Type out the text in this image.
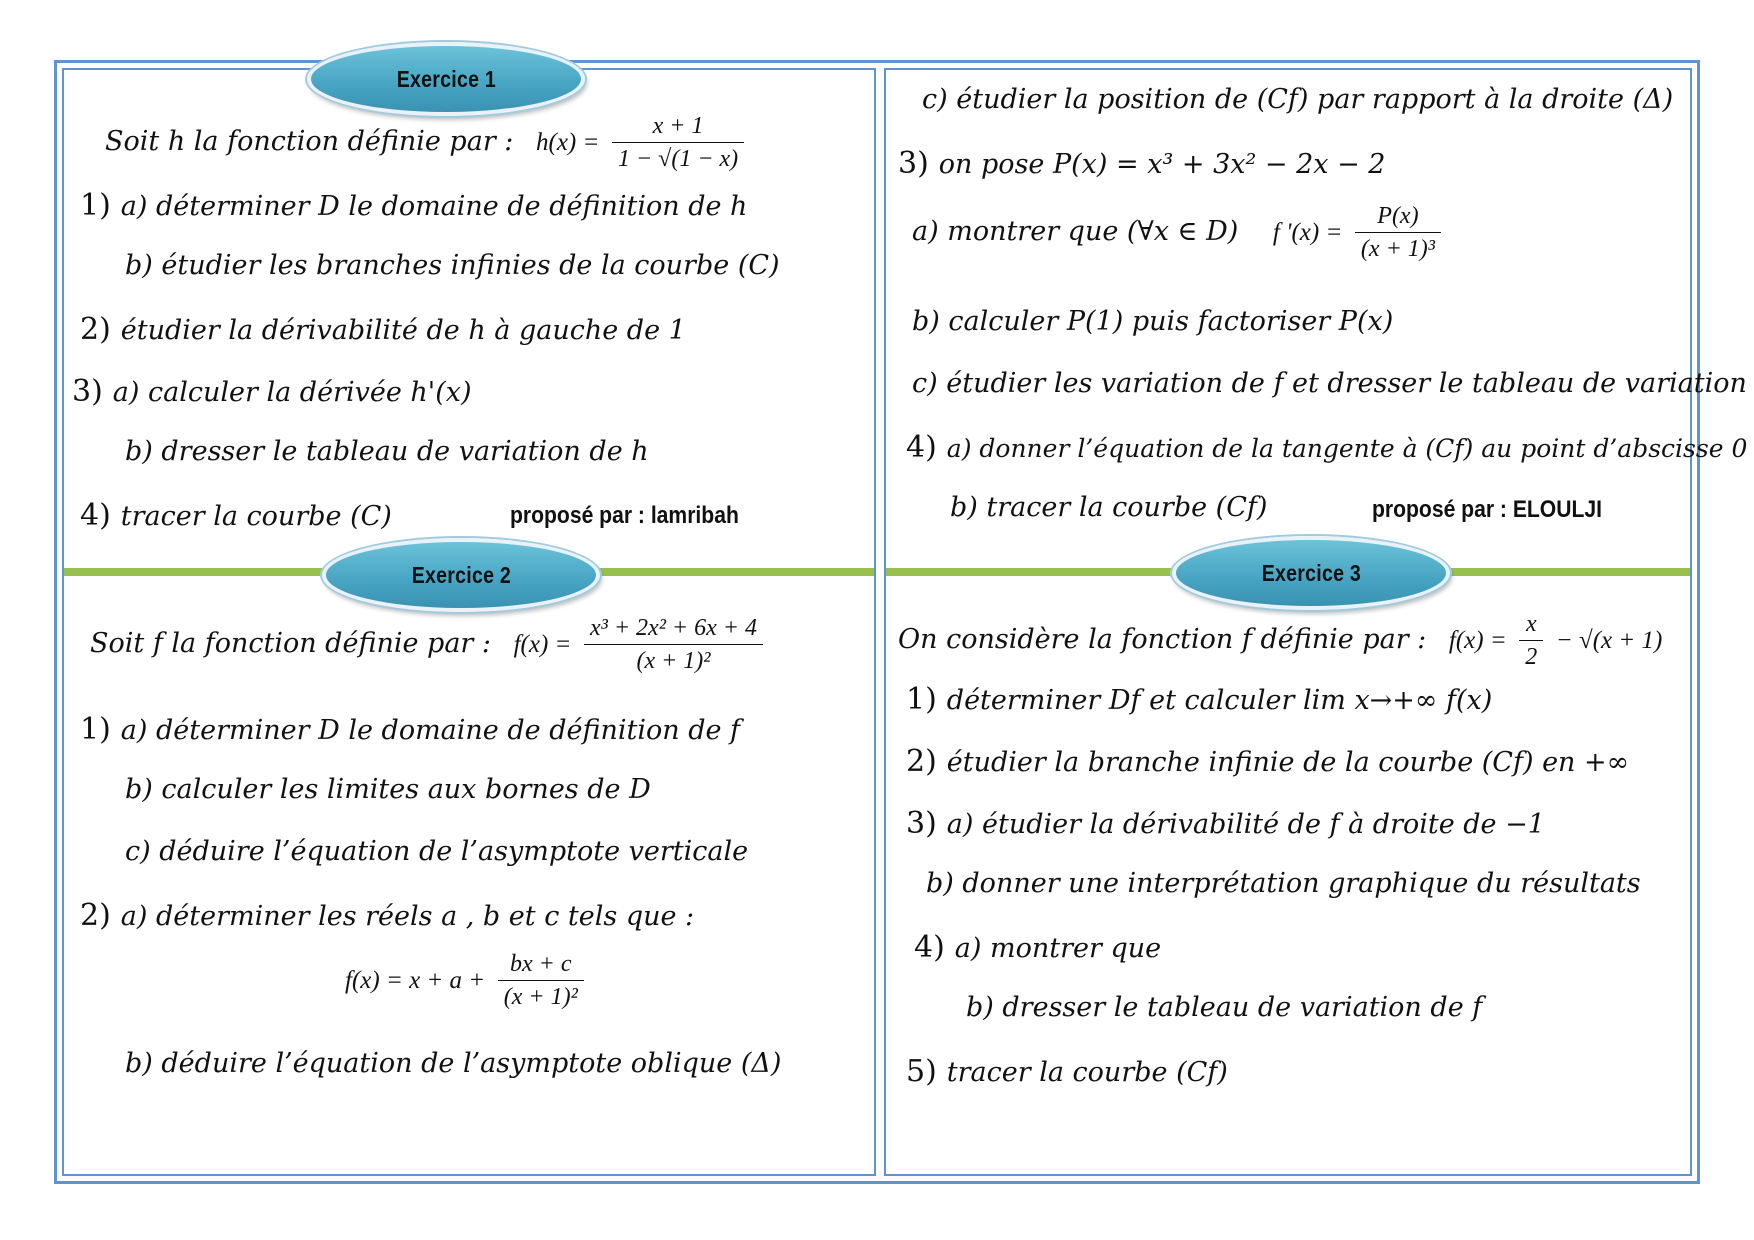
Exercice 1
Exercice 2	Exercice 3
Soit h la fonction définie par : $h(x) = \frac{x + 1}{1 - √(1 - x)}$
1) a) déterminer D le domaine de définition de h
b) étudier les branches infinies de la courbe (C)
2) étudier la dérivabilité de h à gauche de 1
3) a) calculer la dérivée h'(x)
b) dresser le tableau de variation de h
4) tracer la courbe (C)	proposé par : lamribah
c) étudier la position de (Cf) par rapport à la droite (Δ)
3) on pose P(x) = x³ + 3x² − 2x − 2
a) montrer que (∀x ∈ D) f '$(x) = \frac{P(x)}{\text{(x + 1)³}}$
b) calculer P(1) puis factoriser P(x)
c) étudier les variation de f et dresser le tableau de variation
4) a) donner l’équation de la tangente à (Cf) au point d’abscisse 0
b) tracer la courbe (Cf)	proposé par : ELOULJI
Soit f la fonction définie par : $f(x) = \frac{\text{x³ + 2x² + 6x + 4}}{\text{(x + 1)²}}$
1) a) déterminer D le domaine de définition de f
b) calculer les limites aux bornes de D
c) déduire l’équation de l’asymptote verticale
2) a) déterminer les réels a , b et c tels que :
$f(x) = x + a + \frac{bx + c}{\text{(x + 1)²}}$
b) déduire l’équation de l’asymptote oblique (Δ)
On considère la fonction f définie par : $f(x) = \frac{x}{2} - √(x + 1)$
1) déterminer Df et calculer lim x→+∞ f(x)
2) étudier la branche infinie de la courbe (Cf) en +∞
3) a) étudier la dérivabilité de f à droite de −1
b) donner une interprétation graphique du résultats
4) a) montrer que
b) dresser le tableau de variation de f
5) tracer la courbe (Cf)
